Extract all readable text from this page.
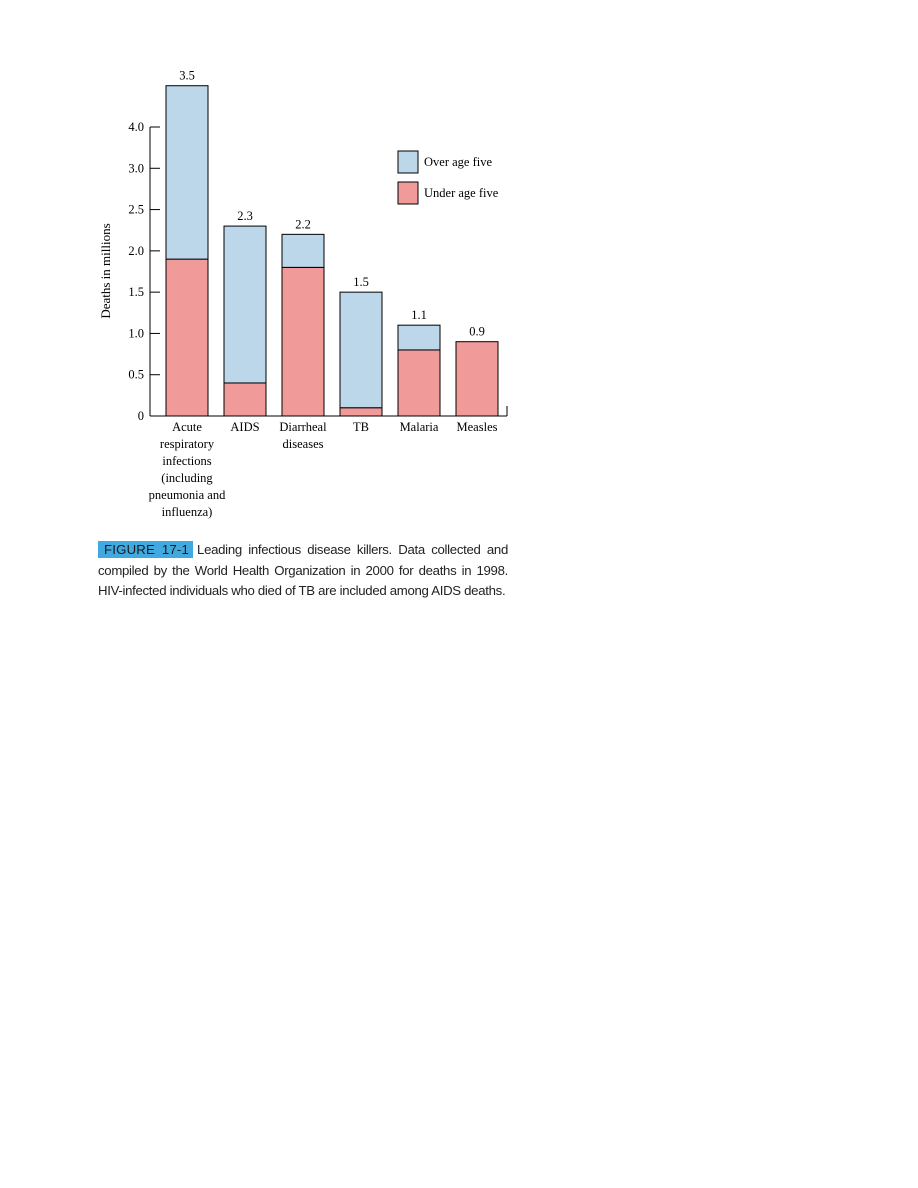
0
0.5
1.0
1.5
2.0
2.5
3.0
4.0
Deaths in millions
3.5
2.3
2.2
1.5
1.1
0.9
Acute respiratory infections (including pneumonia and influenza)
AIDS Diarrheal diseases
TB Malaria Measles
Over age five
Under age five
FIGURE 17-1 Leading infectious disease killers. Data collected and compiled by the World Health Organization in 2000 for deaths in 1998. HIV-infected individuals who died of TB are included among AIDS deaths.
